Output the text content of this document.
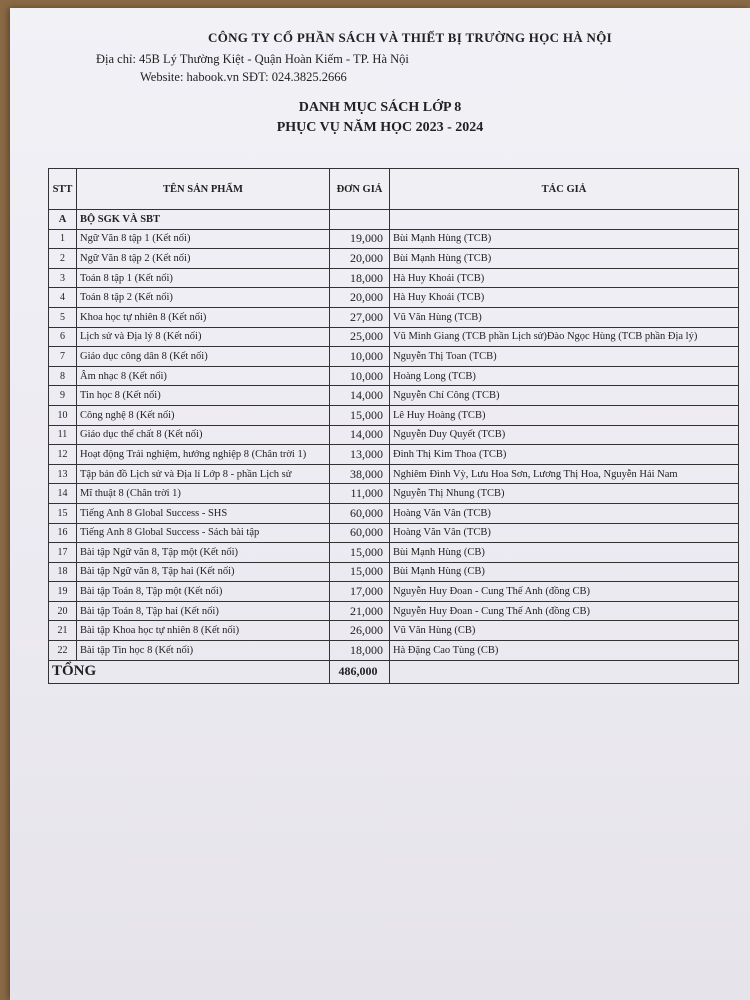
CÔNG TY CỔ PHẦN SÁCH VÀ THIẾT BỊ TRƯỜNG HỌC HÀ NỘI
Địa chỉ: 45B Lý Thường Kiệt - Quận Hoàn Kiếm - TP. Hà Nội
Website: habook.vn SĐT: 024.3825.2666
DANH MỤC SÁCH LỚP 8
PHỤC VỤ NĂM HỌC 2023 - 2024
STT	TÊN SẢN PHẨM	ĐƠN GIÁ	TÁC GIẢ
A	BỘ SGK VÀ SBT		
1	Ngữ Văn 8 tập 1 (Kết nối)	19,000	Bùi Mạnh Hùng (TCB)
2	Ngữ Văn 8 tập 2 (Kết nối)	20,000	Bùi Mạnh Hùng (TCB)
3	Toán 8 tập 1 (Kết nối)	18,000	Hà Huy Khoái (TCB)
4	Toán 8 tập 2 (Kết nối)	20,000	Hà Huy Khoái (TCB)
5	Khoa học tự nhiên 8 (Kết nối)	27,000	Vũ Văn Hùng (TCB)
6	Lịch sử và Địa lý 8 (Kết nối)	25,000	Vũ Minh Giang (TCB phần Lịch sử)Đào Ngọc Hùng (TCB phần Địa lý)
7	Giáo dục công dân 8 (Kết nối)	10,000	Nguyễn Thị Toan (TCB)
8	Âm nhạc 8 (Kết nối)	10,000	Hoàng Long (TCB)
9	Tin học 8 (Kết nối)	14,000	Nguyễn Chí Công (TCB)
10	Công nghệ 8 (Kết nối)	15,000	Lê Huy Hoàng (TCB)
11	Giáo dục thể chất 8 (Kết nối)	14,000	Nguyễn Duy Quyết (TCB)
12	Hoạt động Trải nghiệm, hướng nghiệp 8 (Chân trời 1)	13,000	Đinh Thị Kim Thoa (TCB)
13	Tập bản đồ Lịch sử và Địa lí Lớp 8 - phần Lịch sử	38,000	Nghiêm Đình Vỳ, Lưu Hoa Sơn, Lương Thị Hoa, Nguyễn Hải Nam
14	Mĩ thuật 8 (Chân trời 1)	11,000	Nguyễn Thị Nhung (TCB)
15	Tiếng Anh 8 Global Success - SHS	60,000	Hoàng Văn Vân (TCB)
16	Tiếng Anh 8 Global Success - Sách bài tập	60,000	Hoàng Văn Vân (TCB)
17	Bài tập Ngữ văn 8, Tập một (Kết nối)	15,000	Bùi Mạnh Hùng (CB)
18	Bài tập Ngữ văn 8, Tập hai (Kết nối)	15,000	Bùi Mạnh Hùng (CB)
19	Bài tập Toán 8, Tập một (Kết nối)	17,000	Nguyễn Huy Đoan - Cung Thế Anh (đồng CB)
20	Bài tập Toán 8, Tập hai (Kết nối)	21,000	Nguyễn Huy Đoan - Cung Thế Anh (đồng CB)
21	Bài tập Khoa học tự nhiên 8 (Kết nối)	26,000	Vũ Văn Hùng (CB)
22	Bài tập Tin học 8 (Kết nối)	18,000	Hà Đặng Cao Tùng (CB)
TỔNG		486,000	
